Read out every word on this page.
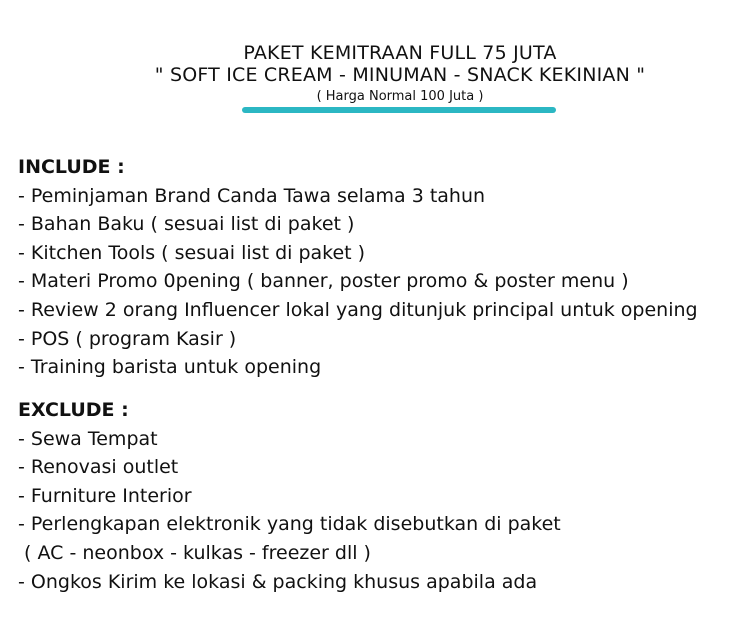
PAKET KEMITRAAN FULL 75 JUTA
" SOFT ICE CREAM - MINUMAN - SNACK KEKINIAN "
( Harga Normal 100 Juta )
INCLUDE :
- Peminjaman Brand Canda Tawa selama 3 tahun
- Bahan Baku ( sesuai list di paket )
- Kitchen Tools ( sesuai list di paket )
- Materi Promo 0pening ( banner, poster promo & poster menu )
- Review 2 orang Influencer lokal yang ditunjuk principal untuk opening
- POS ( program Kasir )
- Training barista untuk opening
EXCLUDE :
- Sewa Tempat
- Renovasi outlet
- Furniture Interior
- Perlengkapan elektronik yang tidak disebutkan di paket
( AC - neonbox - kulkas - freezer dll )
- Ongkos Kirim ke lokasi & packing khusus apabila ada
